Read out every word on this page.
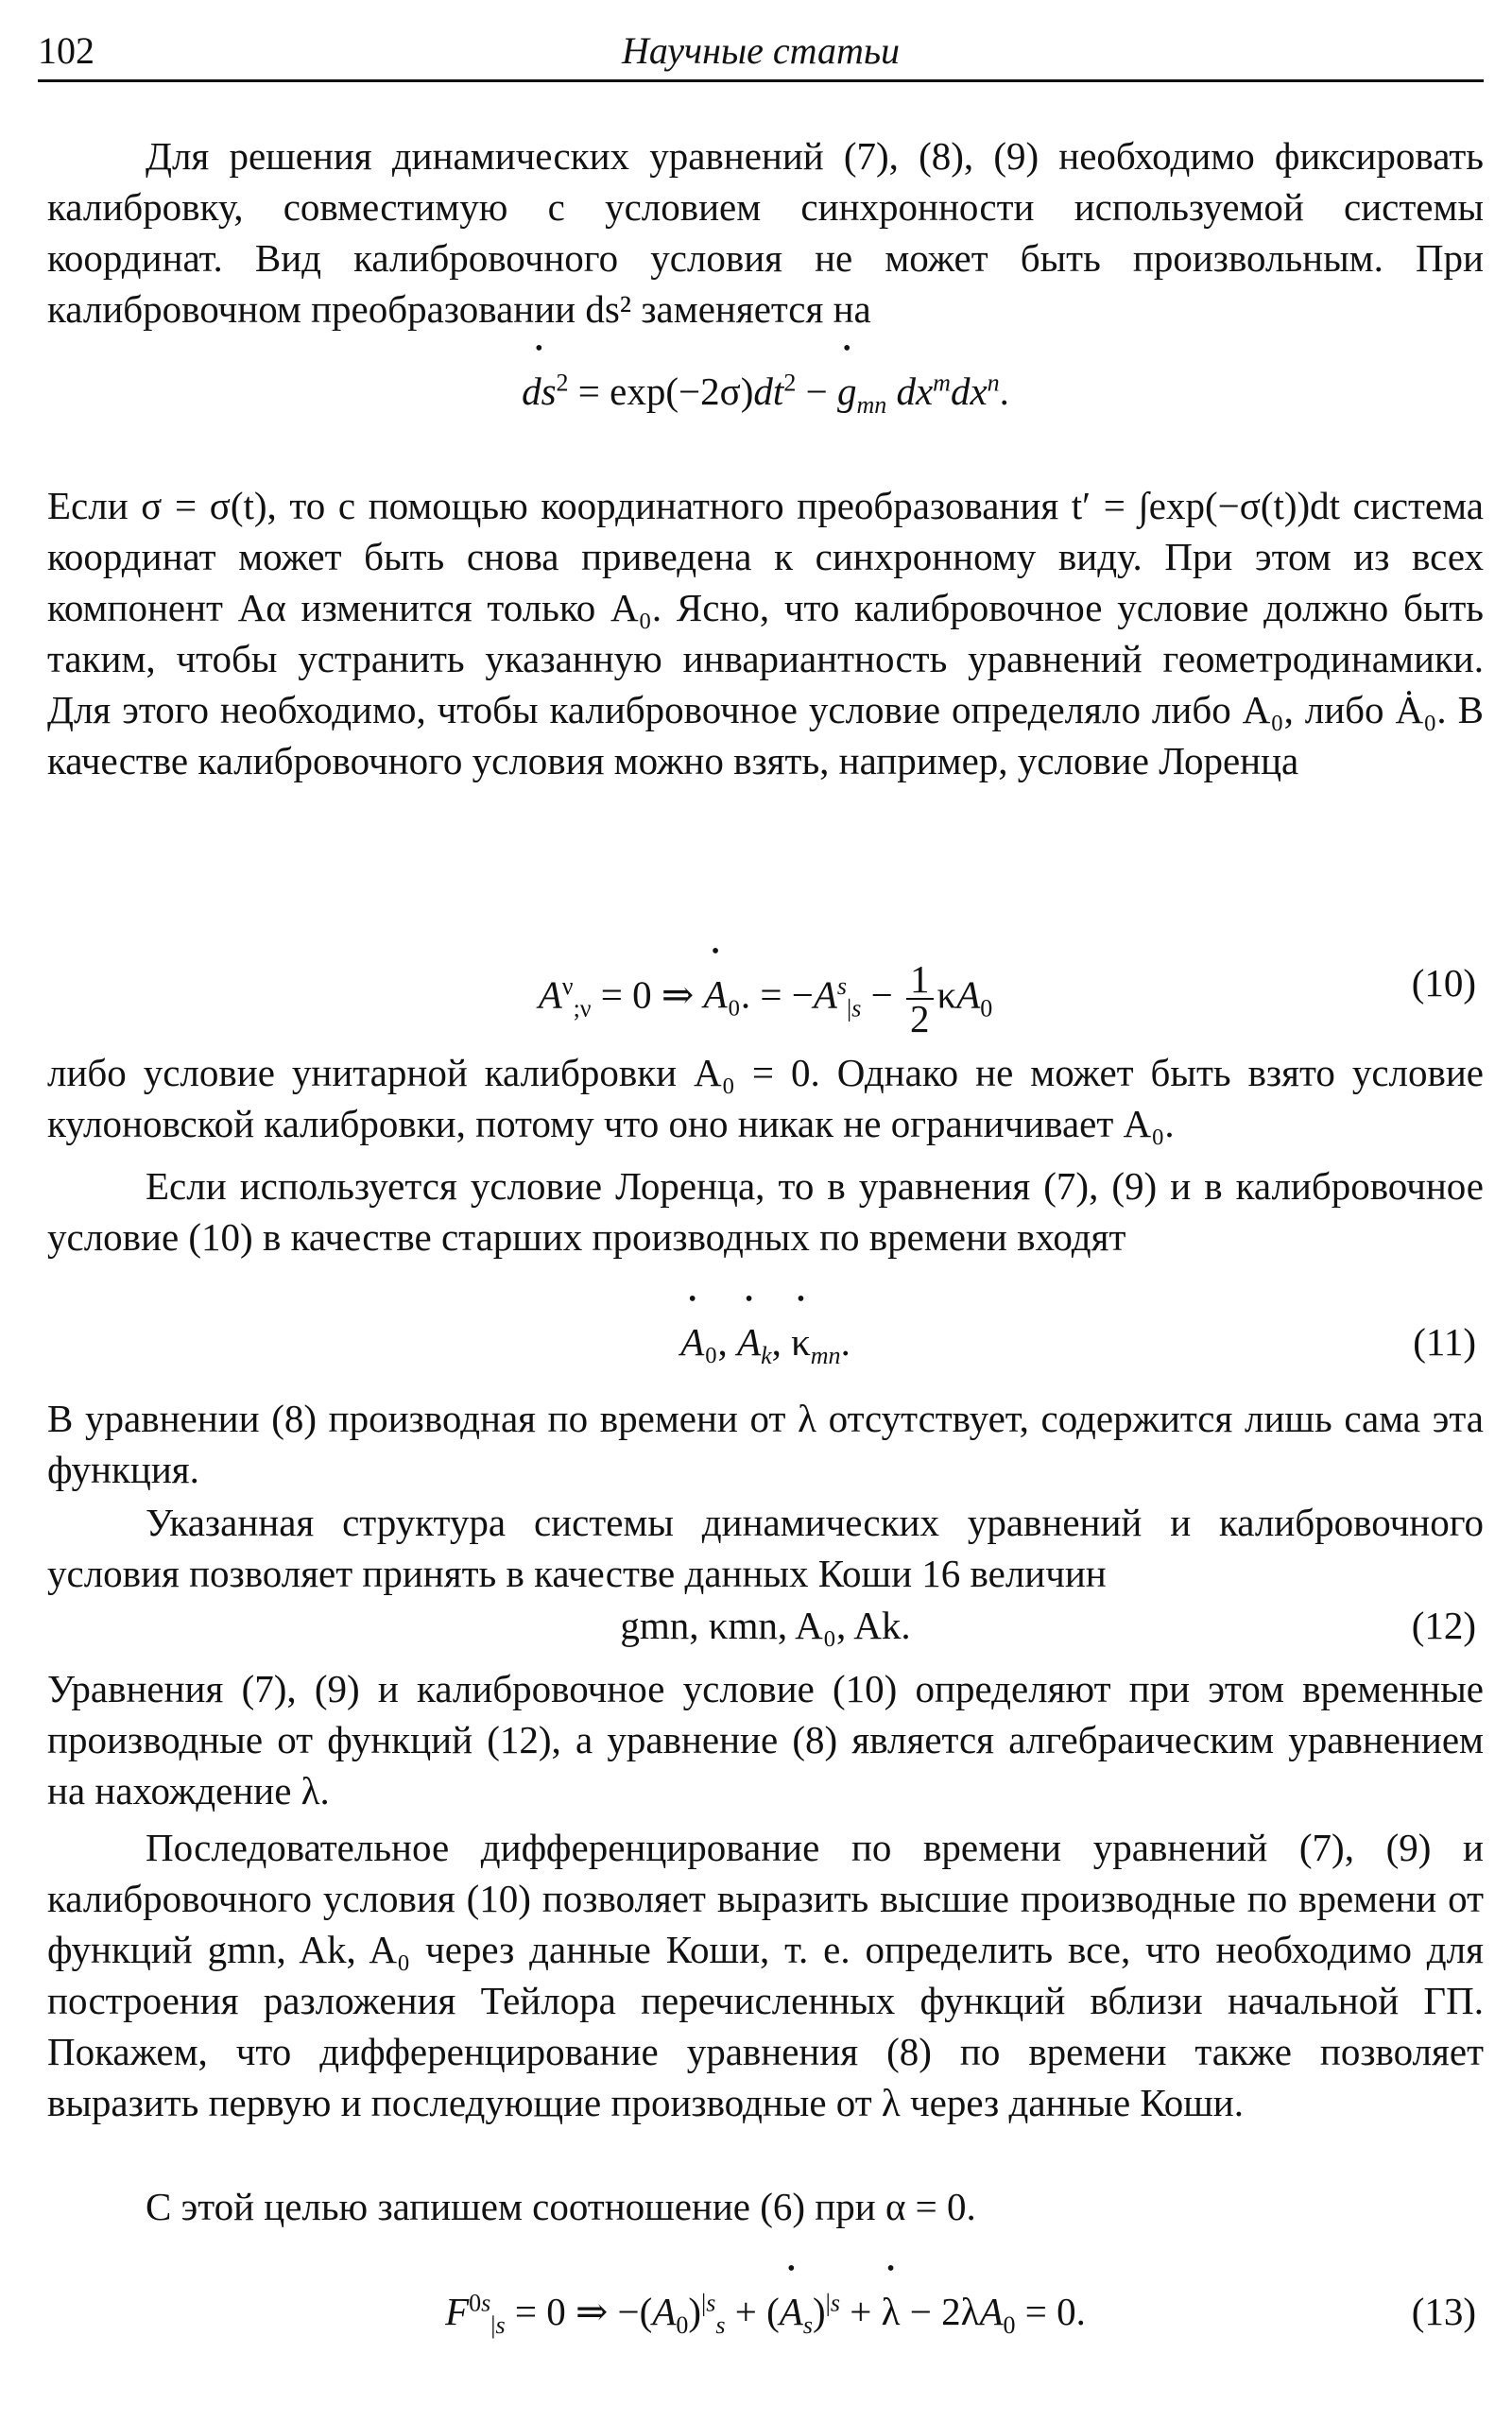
102	Научные статьи
Для решения динамических уравнений (7), (8), (9) необходимо фиксировать калибровку, совместимую с условием синхронности используемой системы координат. Вид калибровочного условия не может быть произвольным. При калибровочном преобразовании ds² заменяется на
• $ds^2 = \exp(-2\sigma)dt^2$ − • $g_{mn}$ $dx^mdx^n$.
Если σ = σ(t), то с помощью координатного преобразования t′ = ∫exp(−σ(t))dt система координат может быть снова приведена к синхронному виду. При этом из всех компонент Aα изменится только A₀. Ясно, что калибровочное условие должно быть таким, чтобы устранить указанную инвариантность уравнений геометродинамики. Для этого необходимо, чтобы калибровочное условие определяло либо A₀, либо Ȧ₀. В качестве калибровочного условия можно взять, например, условие Лоренца
$A^\nu_{;\nu} = 0$ ⇒ • A₀. = $-A^s_{|s} - \frac{1}{2} \kappa A_0$
(10)
либо условие унитарной калибровки A₀ = 0. Однако не может быть взято условие кулоновской калибровки, потому что оно никак не ограничивает A₀.
Если используется условие Лоренца, то в уравнения (7), (9) и в калибровочное условие (10) в качестве старших производных по времени входят
• A₀, • $A_k$, • $\kappa_{mn}$.	(11)
В уравнении (8) производная по времени от λ отсутствует, содержится лишь сама эта функция.
Указанная структура системы динамических уравнений и калибровочного условия позволяет принять в качестве данных Коши 16 величин
gmn, κmn, A₀, Ak.	(12)
Уравнения (7), (9) и калибровочное условие (10) определяют при этом временные производные от функций (12), а уравнение (8) является алгебраическим уравнением на нахождение λ.
Последовательное дифференцирование по времени уравнений (7), (9) и калибровочного условия (10) позволяет выразить высшие производные по времени от функций gmn, Ak, A₀ через данные Коши, т. е. определить все, что необходимо для построения разложения Тейлора перечисленных функций вблизи начальной ГП. Покажем, что дифференцирование уравнения (8) по времени также позволяет выразить первую и последующие производные от λ через данные Коши.
С этой целью запишем соотношение (6) при α = 0.
$F^{0s}_{|s} = 0$ ⇒ $-(A_0)^{|s}_s$ + (• $A_s)^{|s}$ + • $\lambda - 2\lambda A_0 = 0$.	(13)
